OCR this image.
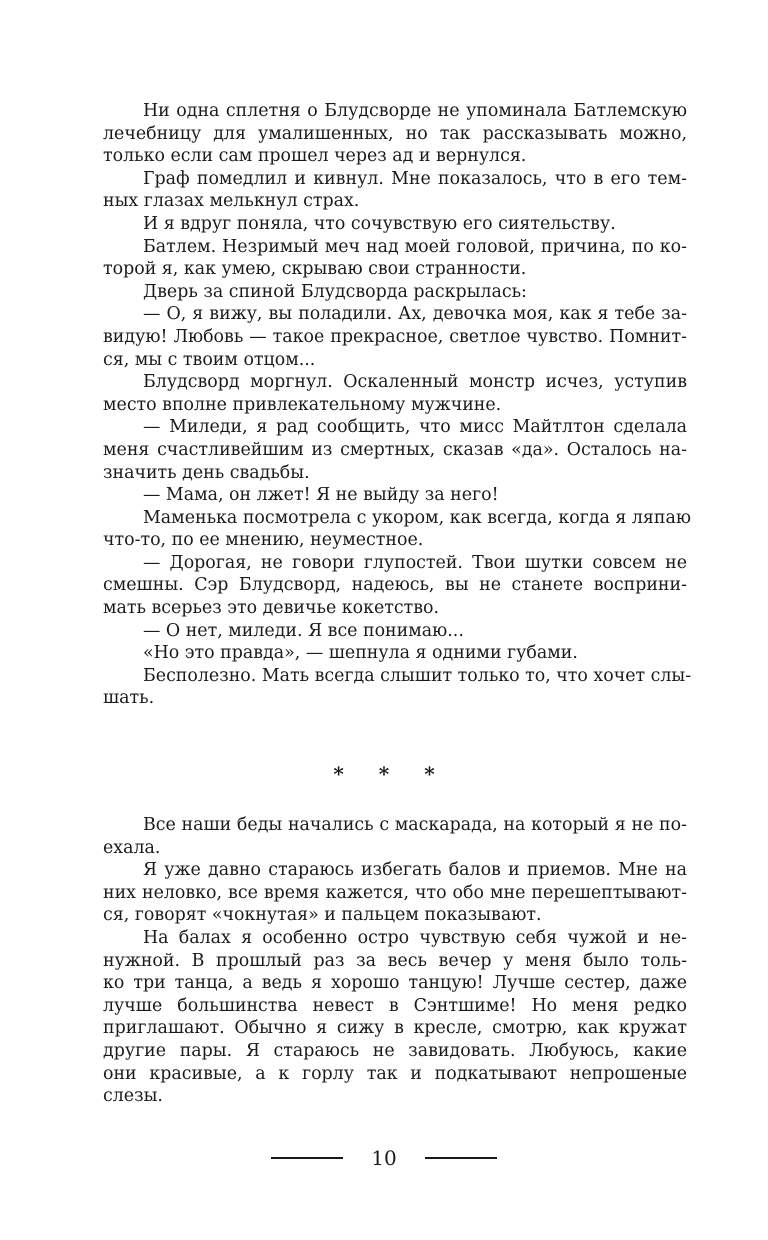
Ни одна сплетня о Блудсворде не упоминала Батлемскую
лечебницу для умалишенных, но так рассказывать можно,
только если сам прошел через ад и вернулся.
Граф помедлил и кивнул. Мне показалось, что в его тем-
ных глазах мелькнул страх.
И я вдруг поняла, что сочувствую его сиятельству.
Батлем. Незримый меч над моей головой, причина, по ко-
торой я, как умею, скрываю свои странности.
Дверь за спиной Блудсворда раскрылась:
— О, я вижу, вы поладили. Ах, девочка моя, как я тебе за-
видую! Любовь — такое прекрасное, светлое чувство. Помнит-
ся, мы с твоим отцом...
Блудсворд моргнул. Оскаленный монстр исчез, уступив
место вполне привлекательному мужчине.
— Миледи, я рад сообщить, что мисс Майтлтон сделала
меня счастливейшим из смертных, сказав «да». Осталось на-
значить день свадьбы.
— Мама, он лжет! Я не выйду за него!
Маменька посмотрела с укором, как всегда, когда я ляпаю
что-то, по ее мнению, неуместное.
— Дорогая, не говори глупостей. Твои шутки совсем не
смешны. Сэр Блудсворд, надеюсь, вы не станете восприни-
мать всерьез это девичье кокетство.
— О нет, миледи. Я все понимаю...
«Но это правда», — шепнула я одними губами.
Бесполезно. Мать всегда слышит только то, что хочет слы-
шать.
* * *
Все наши беды начались с маскарада, на который я не по-
ехала.
Я уже давно стараюсь избегать балов и приемов. Мне на
них неловко, все время кажется, что обо мне перешептывают-
ся, говорят «чокнутая» и пальцем показывают.
На балах я особенно остро чувствую себя чужой и не-
нужной. В прошлый раз за весь вечер у меня было толь-
ко три танца, а ведь я хорошо танцую! Лучше сестер, даже
лучше большинства невест в Сэнтшиме! Но меня редко
приглашают. Обычно я сижу в кресле, смотрю, как кружат
другие пары. Я стараюсь не завидовать. Любуюсь, какие
они красивые, а к горлу так и подкатывают непрошеные
слезы.
10
